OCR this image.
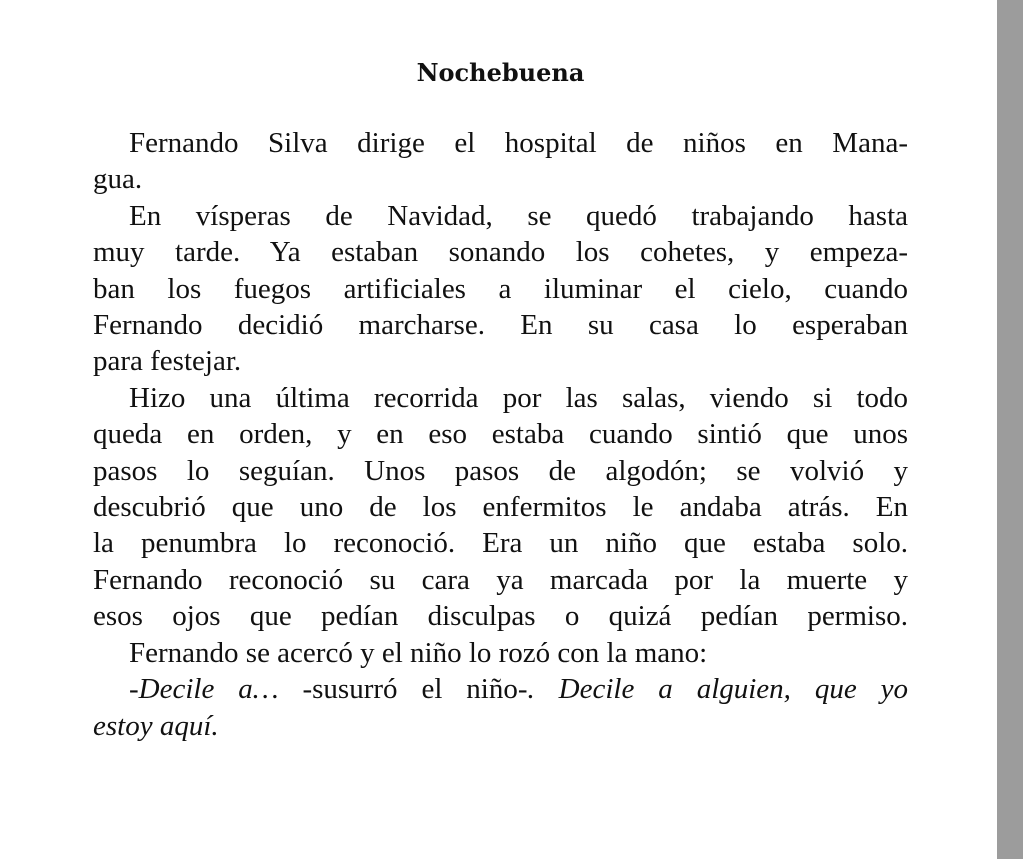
Nochebuena
Fernando Silva dirige el hospital de niños en Mana-
gua.
En vísperas de Navidad, se quedó trabajando hasta
muy tarde. Ya estaban sonando los cohetes, y empeza-
ban los fuegos artificiales a iluminar el cielo, cuando
Fernando decidió marcharse. En su casa lo esperaban
para festejar.
Hizo una última recorrida por las salas, viendo si todo
queda en orden, y en eso estaba cuando sintió que unos
pasos lo seguían. Unos pasos de algodón; se volvió y
descubrió que uno de los enfermitos le andaba atrás. En
la penumbra lo reconoció. Era un niño que estaba solo.
Fernando reconoció su cara ya marcada por la muerte y
esos ojos que pedían disculpas o quizá pedían permiso.
Fernando se acercó y el niño lo rozó con la mano:
-Decile a… -susurró el niño-. Decile a alguien, que yo
estoy aquí.
